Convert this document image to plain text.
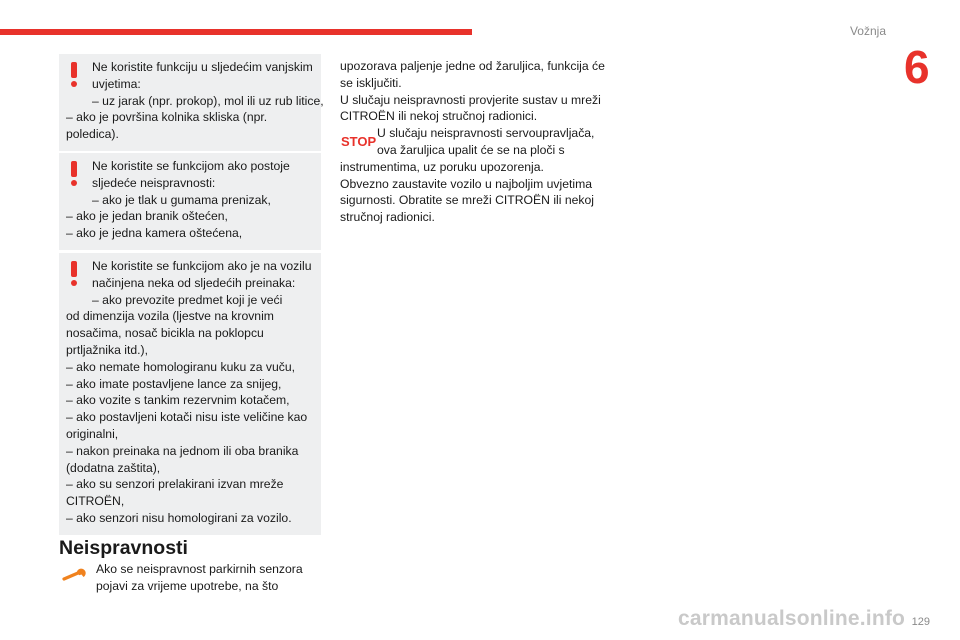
Vožnja
6
Ne koristite funkciju u sljedećim vanjskim
uvjetima:
– uz jarak (npr. prokop), mol ili uz rub litice,
– ako je površina kolnika skliska (npr.
poledica).
Ne koristite se funkcijom ako postoje
sljedeće neispravnosti:
– ako je tlak u gumama prenizak,
– ako je jedan branik oštećen,
– ako je jedna kamera oštećena,
Ne koristite se funkcijom ako je na vozilu
načinjena neka od sljedećih preinaka:
– ako prevozite predmet koji je veći
od dimenzija vozila (ljestve na krovnim
nosačima, nosač bicikla na poklopcu
prtljažnika itd.),
– ako nemate homologiranu kuku za vuču,
– ako imate postavljene lance za snijeg,
– ako vozite s tankim rezervnim kotačem,
– ako postavljeni kotači nisu iste veličine kao
originalni,
– nakon preinaka na jednom ili oba branika
(dodatna zaštita),
– ako su senzori prelakirani izvan mreže
CITROËN,
– ako senzori nisu homologirani za vozilo.
Neispravnosti
Ako se neispravnost parkirnih senzora
pojavi za vrijeme upotrebe, na što
upozorava paljenje jedne od žaruljica, funkcija će
se isključiti.
U slučaju neispravnosti provjerite sustav u mreži
CITROËN ili nekoj stručnoj radionici.
U slučaju neispravnosti servoupravljača,
ova žaruljica upalit će se na ploči s
instrumentima, uz poruku upozorenja.
Obvezno zaustavite vozilo u najboljim uvjetima
sigurnosti. Obratite se mreži CITROËN ili nekoj
stručnoj radionici.
STOP
carmanualsonline.info 129
